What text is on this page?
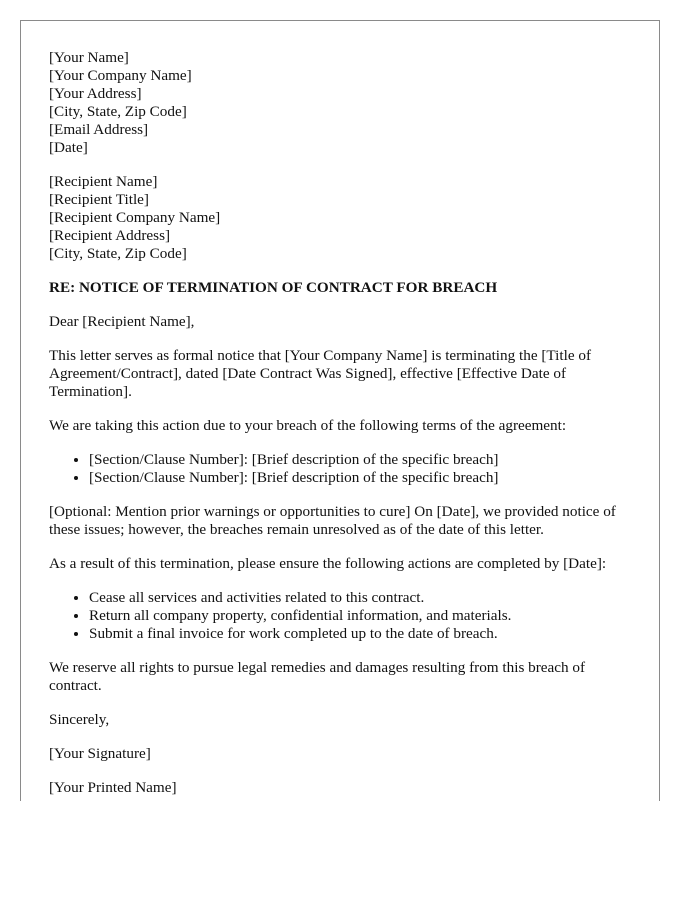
[Your Name]
[Your Company Name]
[Your Address]
[City, State, Zip Code]
[Email Address]
[Date]
[Recipient Name]
[Recipient Title]
[Recipient Company Name]
[Recipient Address]
[City, State, Zip Code]
RE: NOTICE OF TERMINATION OF CONTRACT FOR BREACH

Dear [Recipient Name],

This letter serves as formal notice that [Your Company Name] is terminating the [Title of Agreement/Contract], dated [Date Contract Was Signed], effective [Effective Date of Termination].

We are taking this action due to your breach of the following terms of the agreement:

• [Section/Clause Number]: [Brief description of the specific breach]
• [Section/Clause Number]: [Brief description of the specific breach]

[Optional: Mention prior warnings or opportunities to cure] On [Date], we provided notice of these issues; however, the breaches remain unresolved as of the date of this letter.

As a result of this termination, please ensure the following actions are completed by [Date]:

• Cease all services and activities related to this contract.
• Return all company property, confidential information, and materials.
• Submit a final invoice for work completed up to the date of breach.

We reserve all rights to pursue legal remedies and damages resulting from this breach of contract.

Sincerely,

[Your Signature]

[Your Printed Name]
